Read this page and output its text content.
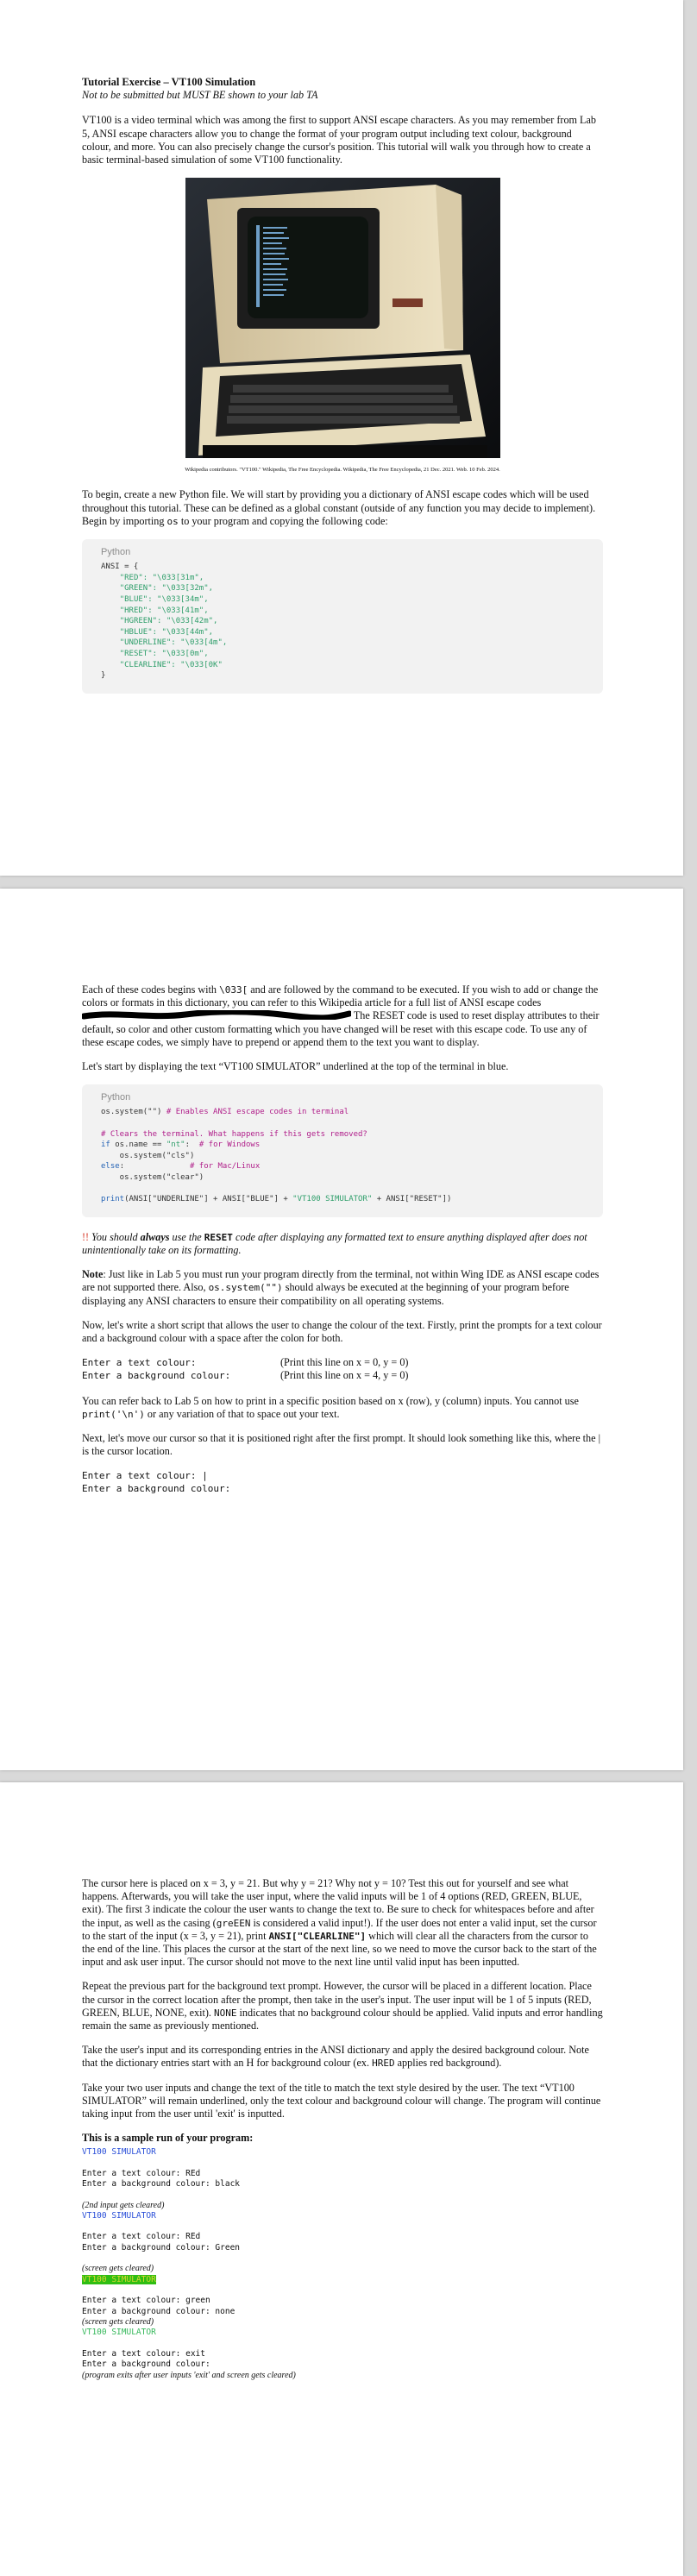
Tutorial Exercise – VT100 Simulation

Not to be submitted but MUST BE shown to your lab TA

VT100 is a video terminal which was among the first to support ANSI escape characters. As you may remember from Lab 5, ANSI escape characters allow you to change the format of your program output including text colour, background colour, and more. You can also precisely change the cursor's position. This tutorial will walk you through how to create a basic terminal-based simulation of some VT100 functionality.

Wikipedia contributors. "VT100." Wikipedia, The Free Encyclopedia. Wikipedia, The Free Encyclopedia, 21 Dec. 2021. Web. 10 Feb. 2024.

To begin, create a new Python file. We will start by providing you a dictionary of ANSI escape codes which will be used throughout this tutorial. These can be defined as a global constant (outside of any function you may decide to implement). Begin by importing os to your program and copying the following code:

Python
ANSI = {
"RED": "\033[31m",
"GREEN": "\033[32m",
"BLUE": "\033[34m",
"HRED": "\033[41m",
"HGREEN": "\033[42m",
"HBLUE": "\033[44m",
"UNDERLINE": "\033[4m",
"RESET": "\033[0m",
"CLEARLINE": "\033[0K"
}

Each of these codes begins with \033[ and are followed by the command to be executed. If you wish to add or change the colors or formats in this dictionary, you can refer to this Wikipedia article for a full list of ANSI escape codes The RESET code is used to reset display attributes to their default, so color and other custom formatting which you have changed will be reset with this escape code. To use any of these escape codes, we simply have to prepend or append them to the text you want to display.

Let's start by displaying the text “VT100 SIMULATOR” underlined at the top of the terminal in blue.

Python
os.system("") # Enables ANSI escape codes in terminal

# Clears the terminal. What happens if this gets removed?
if os.name == "nt":  # for Windows
os.system("cls")
else:              # for Mac/Linux
os.system("clear")

print(ANSI["UNDERLINE"] + ANSI["BLUE"] + "VT100 SIMULATOR" + ANSI["RESET"])

!! You should always use the RESET code after displaying any formatted text to ensure anything displayed after does not unintentionally take on its formatting.

Note: Just like in Lab 5 you must run your program directly from the terminal, not within Wing IDE as ANSI escape codes are not supported there. Also, os.system("") should always be executed at the beginning of your program before displaying any ANSI characters to ensure their compatibility on all operating systems.

Now, let's write a short script that allows the user to change the colour of the text. Firstly, print the prompts for a text colour and a background colour with a space after the colon for both.

Enter a text colour:	(Print this line on x = 0, y = 0)
Enter a background colour:	(Print this line on x = 4, y = 0)

You can refer back to Lab 5 on how to print in a specific position based on x (row), y (column) inputs. You cannot use print('\n') or any variation of that to space out your text.

Next, let's move our cursor so that it is positioned right after the first prompt. It should look something like this, where the | is the cursor location.

Enter a text colour: |
Enter a background colour:

The cursor here is placed on x = 3, y = 21. But why y = 21? Why not y = 10? Test this out for yourself and see what happens. Afterwards, you will take the user input, where the valid inputs will be 1 of 4 options (RED, GREEN, BLUE, exit). The first 3 indicate the colour the user wants to change the text to. Be sure to check for whitespaces before and after the input, as well as the casing (greEEN is considered a valid input!). If the user does not enter a valid input, set the cursor to the start of the input (x = 3, y = 21), print ANSI["CLEARLINE"] which will clear all the characters from the cursor to the end of the line. This places the cursor at the start of the next line, so we need to move the cursor back to the start of the input and ask user input. The cursor should not move to the next line until valid input has been inputted.

Repeat the previous part for the background text prompt. However, the cursor will be placed in a different location. Place the cursor in the correct location after the prompt, then take in the user's input. The user input will be 1 of 5 inputs (RED, GREEN, BLUE, NONE, exit). NONE indicates that no background colour should be applied. Valid inputs and error handling remain the same as previously mentioned.

Take the user's input and its corresponding entries in the ANSI dictionary and apply the desired background colour. Note that the dictionary entries start with an H for background colour (ex. HRED applies red background).

Take your two user inputs and change the text of the title to match the text style desired by the user. The text “VT100 SIMULATOR” will remain underlined, only the text colour and background colour will change. The program will continue taking input from the user until 'exit' is inputted.

This is a sample run of your program:

VT100 SIMULATOR
Enter a text colour: REd
Enter a background colour: black
(2nd input gets cleared)
VT100 SIMULATOR
Enter a text colour: REd
Enter a background colour: Green
(screen gets cleared)
VT100 SIMULATOR
Enter a text colour: green
Enter a background colour: none
(screen gets cleared)
VT100 SIMULATOR
Enter a text colour: exit
Enter a background colour:
(program exits after user inputs 'exit' and screen gets cleared)
